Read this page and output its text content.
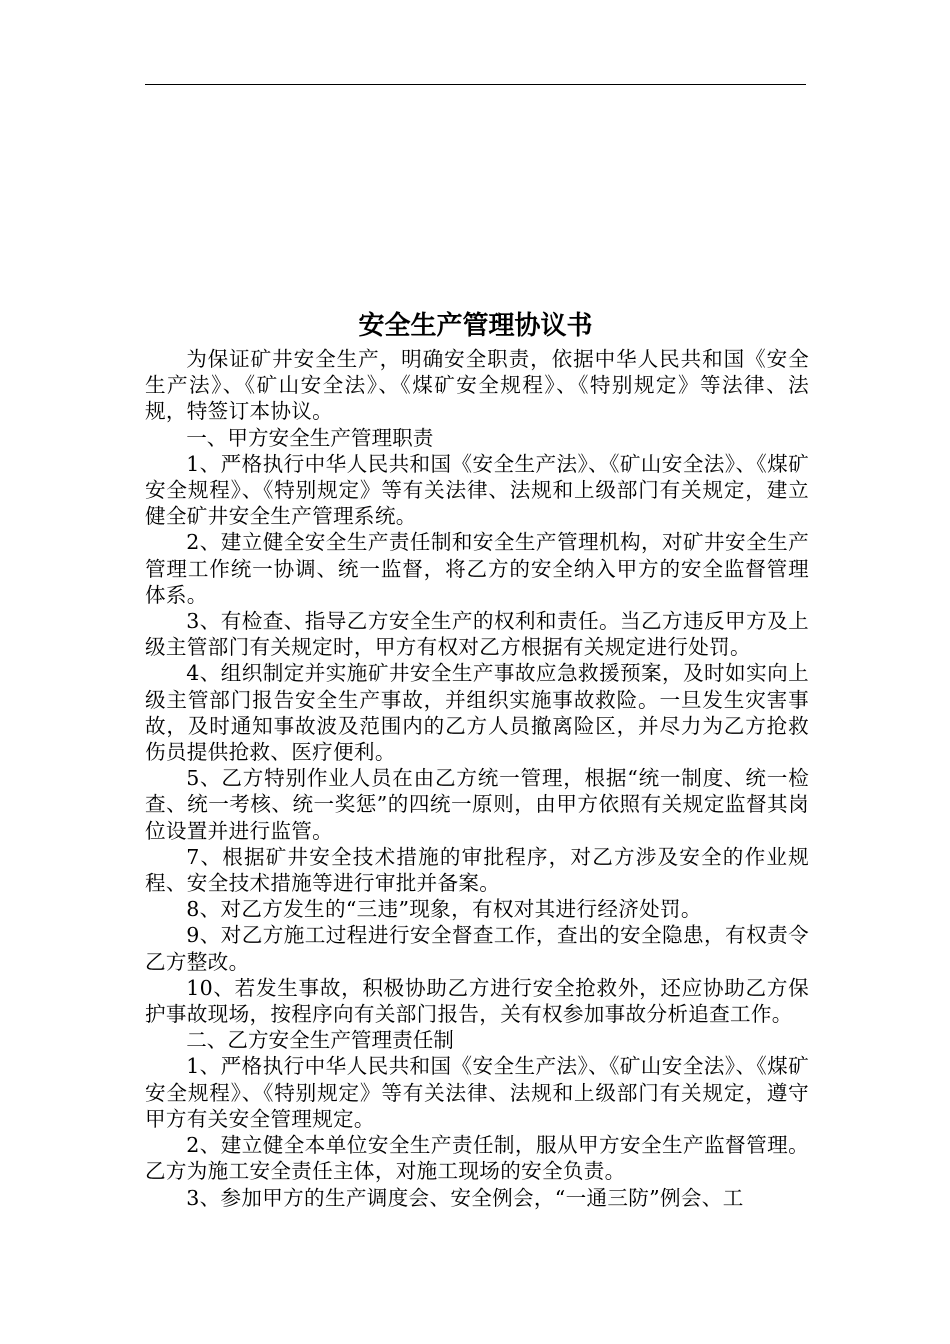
安全生产管理协议书

为保证矿井安全生产，明确安全职责，依据中华人民共和国《安全生产法》、《矿山安全法》、《煤矿安全规程》、《特别规定》等法律、法规，特签订本协议。

一、甲方安全生产管理职责

1、严格执行中华人民共和国《安全生产法》、《矿山安全法》、《煤矿安全规程》、《特别规定》等有关法律、法规和上级部门有关规定，建立健全矿井安全生产管理系统。

2、建立健全安全生产责任制和安全生产管理机构，对矿井安全生产管理工作统一协调、统一监督，将乙方的安全纳入甲方的安全监督管理体系。

3、有检查、指导乙方安全生产的权利和责任。当乙方违反甲方及上级主管部门有关规定时，甲方有权对乙方根据有关规定进行处罚。

4、组织制定并实施矿井安全生产事故应急救援预案，及时如实向上级主管部门报告安全生产事故，并组织实施事故救险。一旦发生灾害事故，及时通知事故波及范围内的乙方人员撤离险区，并尽力为乙方抢救伤员提供抢救、医疗便利。

5、乙方特别作业人员在由乙方统一管理，根据“统一制度、统一检查、统一考核、统一奖惩”的四统一原则，由甲方依照有关规定监督其岗位设置并进行监管。

7、根据矿井安全技术措施的审批程序，对乙方涉及安全的作业规程、安全技术措施等进行审批并备案。

8、对乙方发生的“三违”现象，有权对其进行经济处罚。

9、对乙方施工过程进行安全督查工作，查出的安全隐患，有权责令乙方整改。

10、若发生事故，积极协助乙方进行安全抢救外，还应协助乙方保护事故现场，按程序向有关部门报告，关有权参加事故分析追查工作。

二、乙方安全生产管理责任制

1、严格执行中华人民共和国《安全生产法》、《矿山安全法》、《煤矿安全规程》、《特别规定》等有关法律、法规和上级部门有关规定，遵守甲方有关安全管理规定。

2、建立健全本单位安全生产责任制，服从甲方安全生产监督管理。乙方为施工安全责任主体，对施工现场的安全负责。

3、参加甲方的生产调度会、安全例会，“一通三防”例会、工
